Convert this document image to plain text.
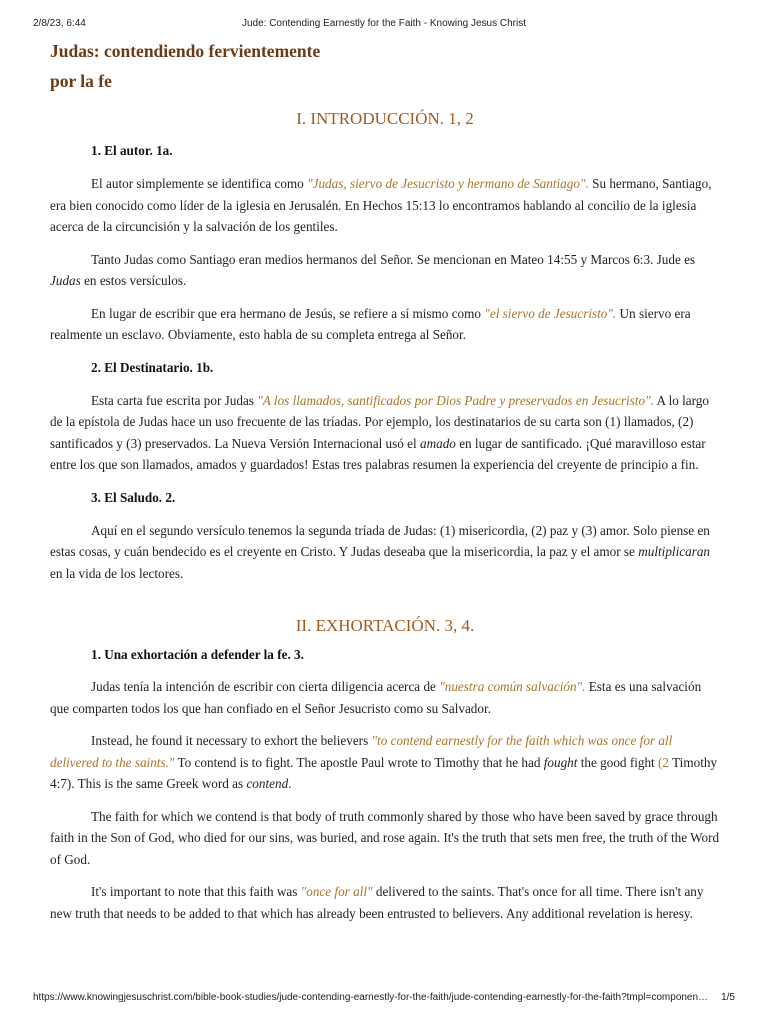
2/8/23, 6:44	Jude: Contending Earnestly for the Faith - Knowing Jesus Christ
Judas: contendiendo fervientemente
por la fe
I. INTRODUCCIÓN. 1, 2
1. El autor. 1a.

El autor simplemente se identifica como "Judas, siervo de Jesucristo y hermano de Santiago". Su hermano, Santiago, era bien conocido como líder de la iglesia en Jerusalén. En Hechos 15:13 lo encontramos hablando al concilio de la iglesia acerca de la circuncisión y la salvación de los gentiles.

Tanto Judas como Santiago eran medios hermanos del Señor. Se mencionan en Mateo 14:55 y Marcos 6:3. Jude es Judas en estos versículos.

En lugar de escribir que era hermano de Jesús, se refiere a sí mismo como "el siervo de Jesucristo". Un siervo era realmente un esclavo. Obviamente, esto habla de su completa entrega al Señor.

2. El Destinatario. 1b.

Esta carta fue escrita por Judas "A los llamados, santificados por Dios Padre y preservados en Jesucristo". A lo largo de la epístola de Judas hace un uso frecuente de las tríadas. Por ejemplo, los destinatarios de su carta son (1) llamados, (2) santificados y (3) preservados. La Nueva Versión Internacional usó el amado en lugar de santificado. ¡Qué maravilloso estar entre los que son llamados, amados y guardados! Estas tres palabras resumen la experiencia del creyente de principio a fin.

3. El Saludo. 2.

Aquí en el segundo versículo tenemos la segunda tríada de Judas: (1) misericordia, (2) paz y (3) amor. Solo piense en estas cosas, y cuán bendecido es el creyente en Cristo. Y Judas deseaba que la misericordia, la paz y el amor se multiplicaran en la vida de los lectores.

II. EXHORTACIÓN. 3, 4.
1. Una exhortación a defender la fe. 3.

Judas tenía la intención de escribir con cierta diligencia acerca de "nuestra común salvación". Esta es una salvación que comparten todos los que han confiado en el Señor Jesucristo como su Salvador.

Instead, he found it necessary to exhort the believers "to contend earnestly for the faith which was once for all delivered to the saints." To contend is to fight. The apostle Paul wrote to Timothy that he had fought the good fight (2 Timothy 4:7). This is the same Greek word as contend.

The faith for which we contend is that body of truth commonly shared by those who have been saved by grace through faith in the Son of God, who died for our sins, was buried, and rose again. It's the truth that sets men free, the truth of the Word of God.

It's important to note that this faith was "once for all" delivered to the saints. That's once for all time. There isn't any new truth that needs to be added to that which has already been entrusted to believers. Any additional revelation is heresy.

https://www.knowingjesuschrist.com/bible-book-studies/jude-contending-earnestly-for-the-faith/jude-contending-earnestly-for-the-faith?tmpl=componen… 1/5
